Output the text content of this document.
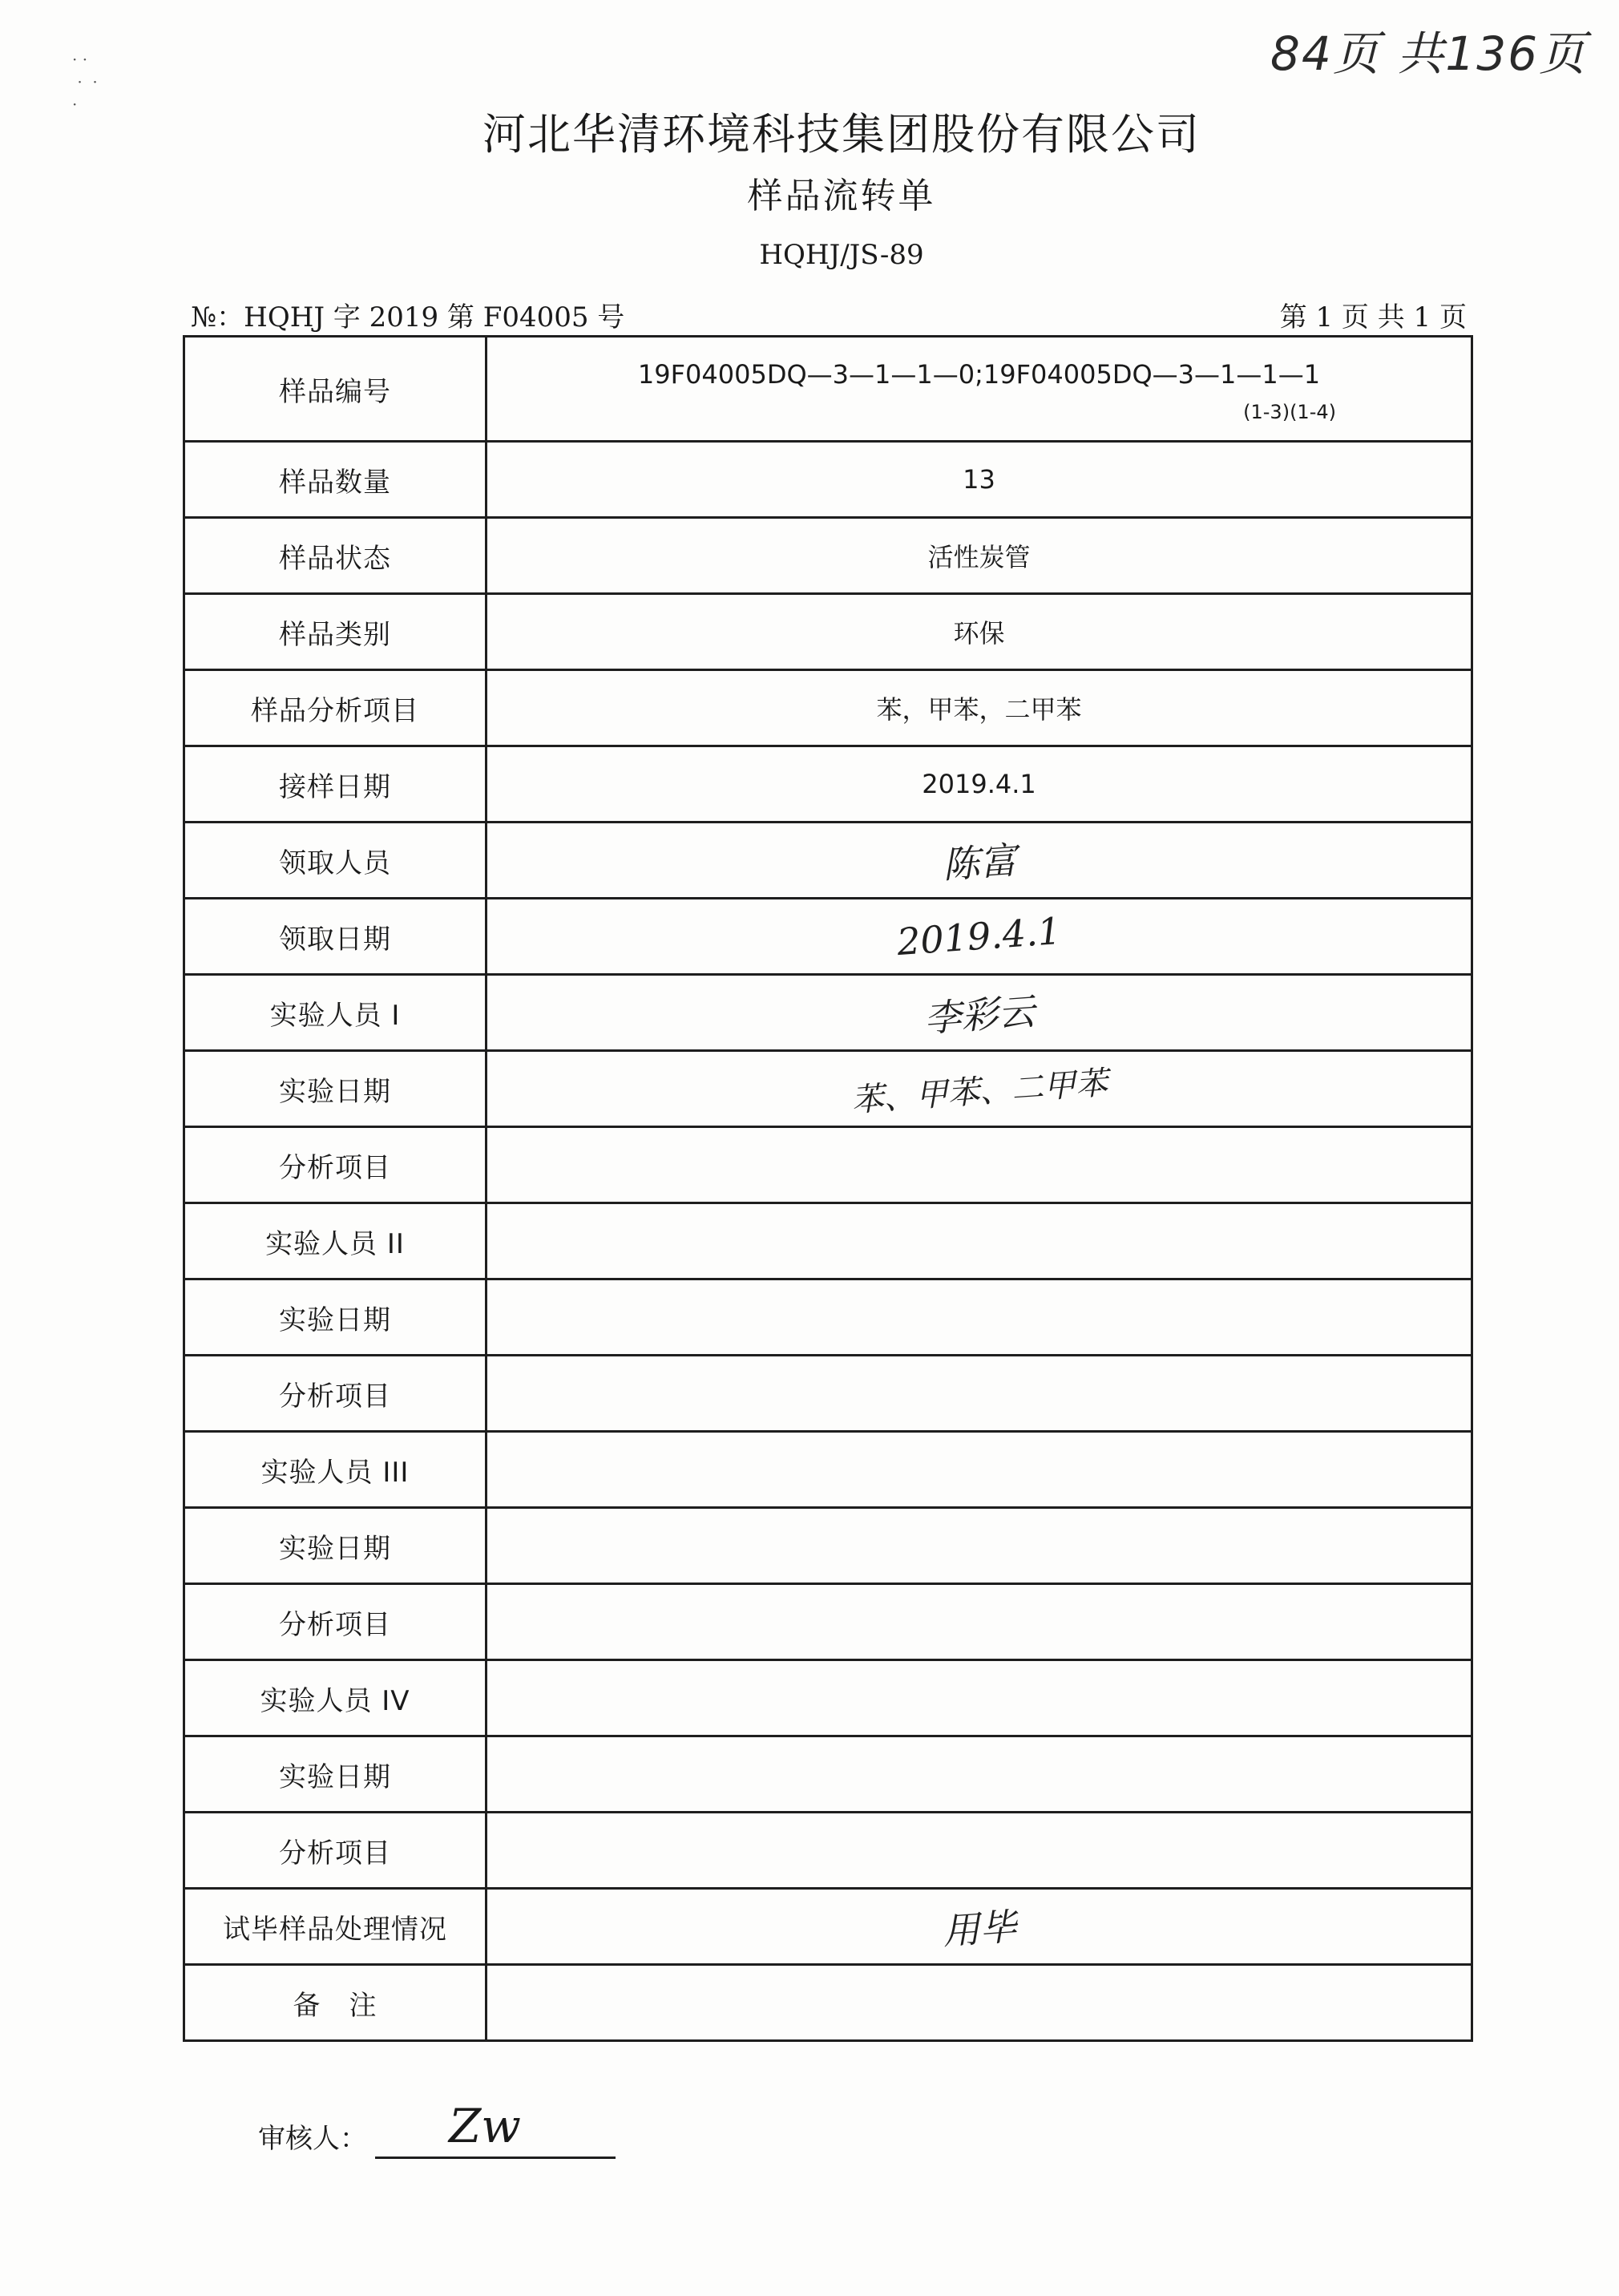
· ·
·  ·
·
84页 共136页
河北华清环境科技集团股份有限公司
样品流转单
HQHJ/JS-89
№：HQHJ 字 2019 第 F04005 号	第 1 页 共 1 页
样品编号	19F04005DQ—3—1—1—0;19F04005DQ—3—1—1—1
(1-3)(1-4)

样品数量	13
样品状态	活性炭管
样品类别	环保
样品分析项目	苯，甲苯，二甲苯
接样日期	2019.4.1
领取人员	陈富
领取日期	2019.4.1
实验人员 I	李彩云
实验日期	苯、甲苯、二甲苯
分析项目	
实验人员 II	
实验日期	
分析项目	
实验人员 III	
实验日期	
分析项目	
实验人员 IV	
实验日期	
分析项目	
试毕样品处理情况	用毕
备　注	
审核人： Zw
